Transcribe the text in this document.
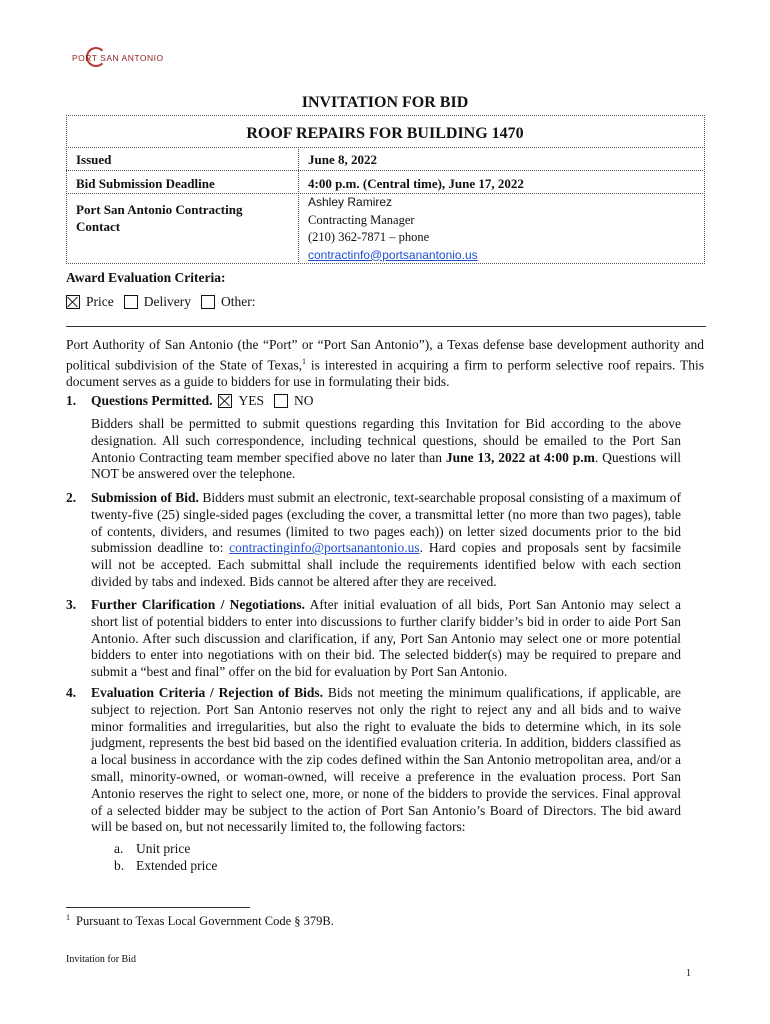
PORT SAN ANTONIO
INVITATION FOR BID
ROOF REPAIRS FOR BUILDING 1470
Issued	June 8, 2022
Bid Submission Deadline	4:00 p.m. (Central time), June 17, 2022
Port San Antonio Contracting
Contact
Ashley Ramirez
Contracting Manager
(210) 362-7871 – phone
contractinfo@portsanantonio.us
Award Evaluation Criteria:
Price Delivery Other:
Port Authority of San Antonio (the “Port” or “Port San Antonio”), a Texas defense base development authority and political subdivision of the State of Texas,$^1$ is interested in acquiring a firm to perform selective roof repairs. This document serves as a guide to bidders for use in formulating their bids.
1. Questions Permitted. YES NO
Bidders shall be permitted to submit questions regarding this Invitation for Bid according to the above designation. All such correspondence, including technical questions, should be emailed to the Port San Antonio Contracting team member specified above no later than June 13, 2022 at 4:00 p.m. Questions will NOT be answered over the telephone.
2. Submission of Bid. Bidders must submit an electronic, text-searchable proposal consisting of a maximum of twenty-five (25) single-sided pages (excluding the cover, a transmittal letter (no more than two pages), table of contents, dividers, and resumes (limited to two pages each)) on letter sized documents prior to the bid submission deadline to: contractinginfo@portsanantonio.us. Hard copies and proposals sent by facsimile will not be accepted. Each submittal shall include the requirements identified below with each section divided by tabs and indexed. Bids cannot be altered after they are received.
3. Further Clarification / Negotiations. After initial evaluation of all bids, Port San Antonio may select a short list of potential bidders to enter into discussions to further clarify bidder’s bid in order to aide Port San Antonio. After such discussion and clarification, if any, Port San Antonio may select one or more potential bidders to enter into negotiations with on their bid. The selected bidder(s) may be required to prepare and submit a “best and final” offer on the bid for evaluation by Port San Antonio.
4. Evaluation Criteria / Rejection of Bids. Bids not meeting the minimum qualifications, if applicable, are subject to rejection. Port San Antonio reserves not only the right to reject any and all bids and to waive minor formalities and irregularities, but also the right to evaluate the bids to determine which, in its sole judgment, represents the best bid based on the identified evaluation criteria. In addition, bidders classified as a local business in accordance with the zip codes defined within the San Antonio metropolitan area, and/or a small, minority-owned, or woman-owned, will receive a preference in the evaluation process. Port San Antonio reserves the right to select one, more, or none of the bidders to provide the services. Final approval of a selected bidder may be subject to the action of Port San Antonio’s Board of Directors. The bid award will be based on, but not necessarily limited to, the following factors:
a. Unit price
b. Extended price
$^1$ Pursuant to Texas Local Government Code § 379B.
Invitation for Bid
1
